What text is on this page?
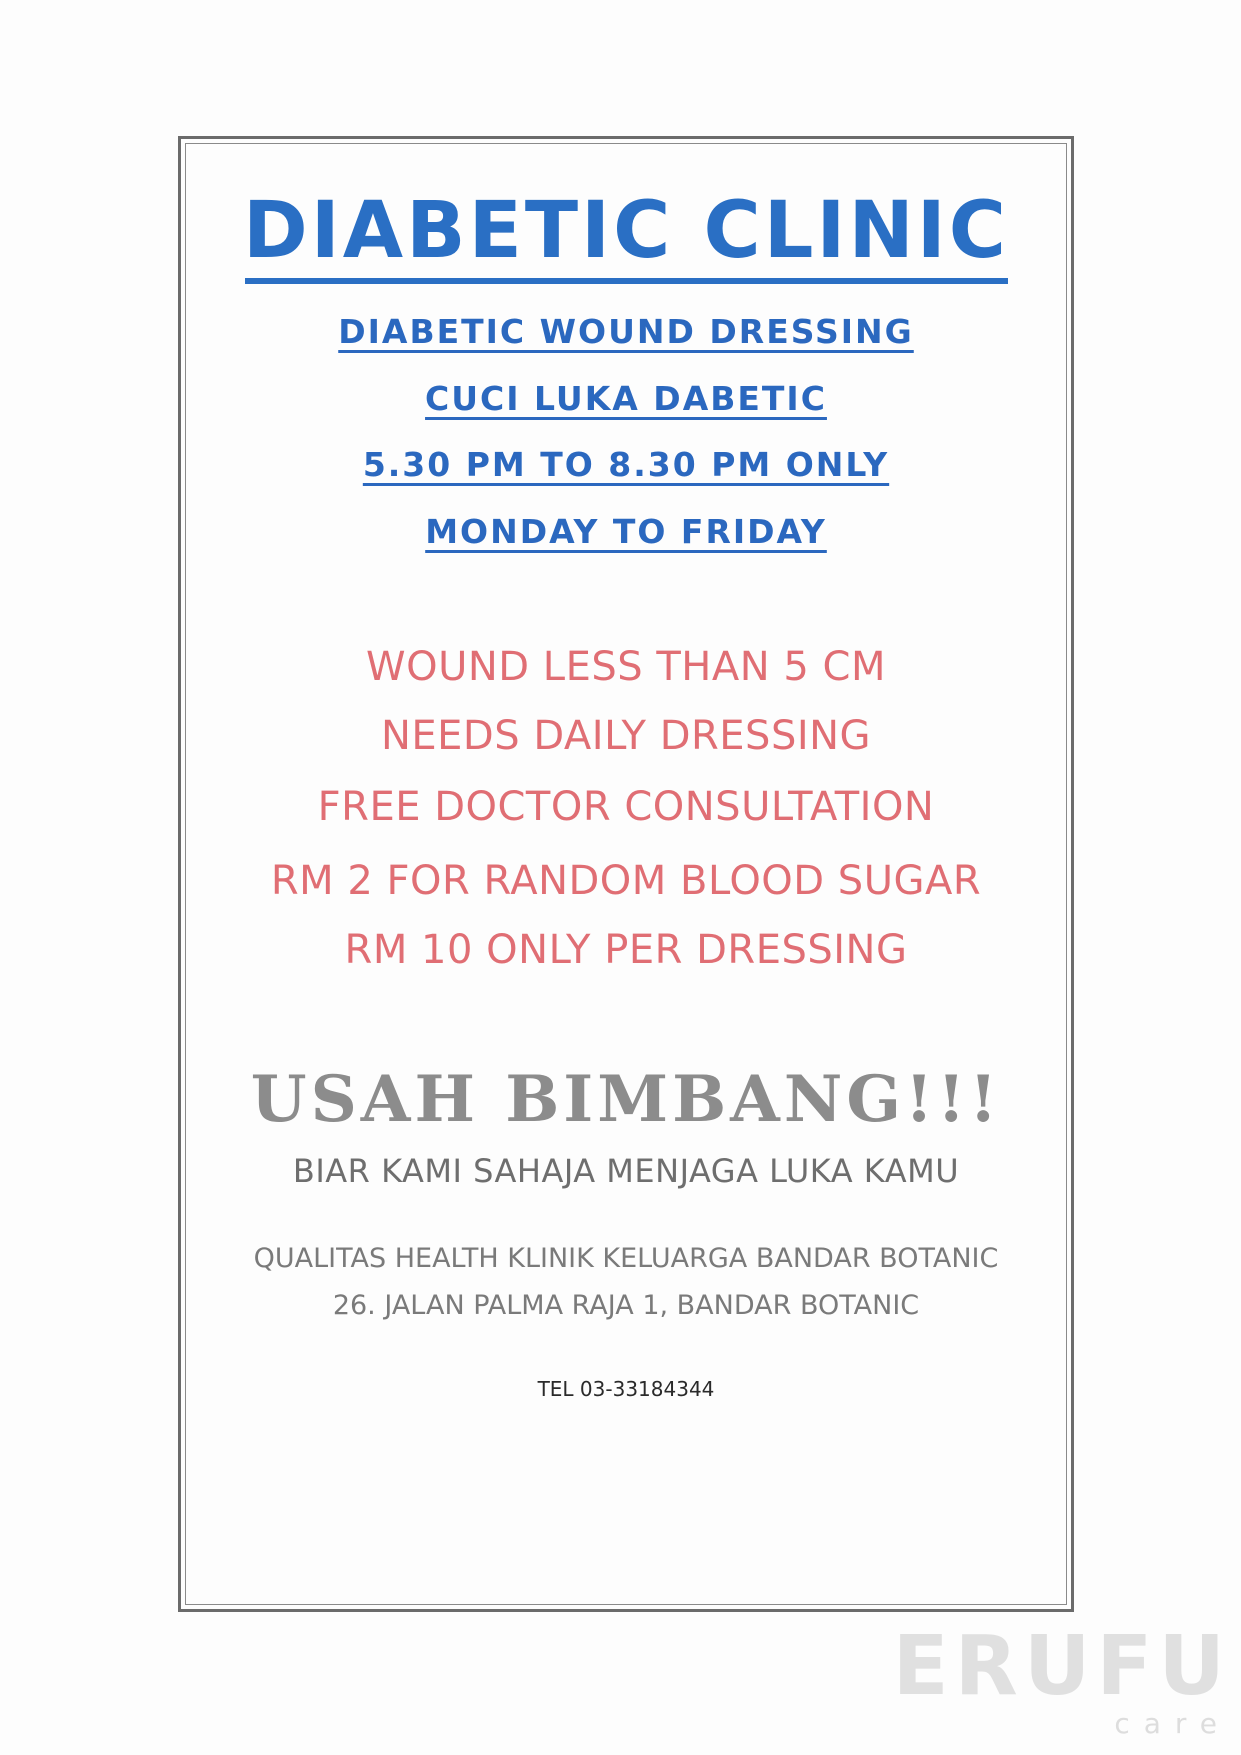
DIABETIC CLINIC
DIABETIC WOUND DRESSING
CUCI LUKA DABETIC
5.30 PM TO 8.30 PM ONLY
MONDAY TO FRIDAY
WOUND LESS THAN 5 CM
NEEDS DAILY DRESSING
FREE DOCTOR CONSULTATION
RM 2 FOR RANDOM BLOOD SUGAR
RM 10 ONLY PER DRESSING
USAH BIMBANG!!!
BIAR KAMI SAHAJA MENJAGA LUKA KAMU
QUALITAS HEALTH KLINIK KELUARGA BANDAR BOTANIC
26. JALAN PALMA RAJA 1, BANDAR BOTANIC
TEL 03-33184344
ERUFU
care
